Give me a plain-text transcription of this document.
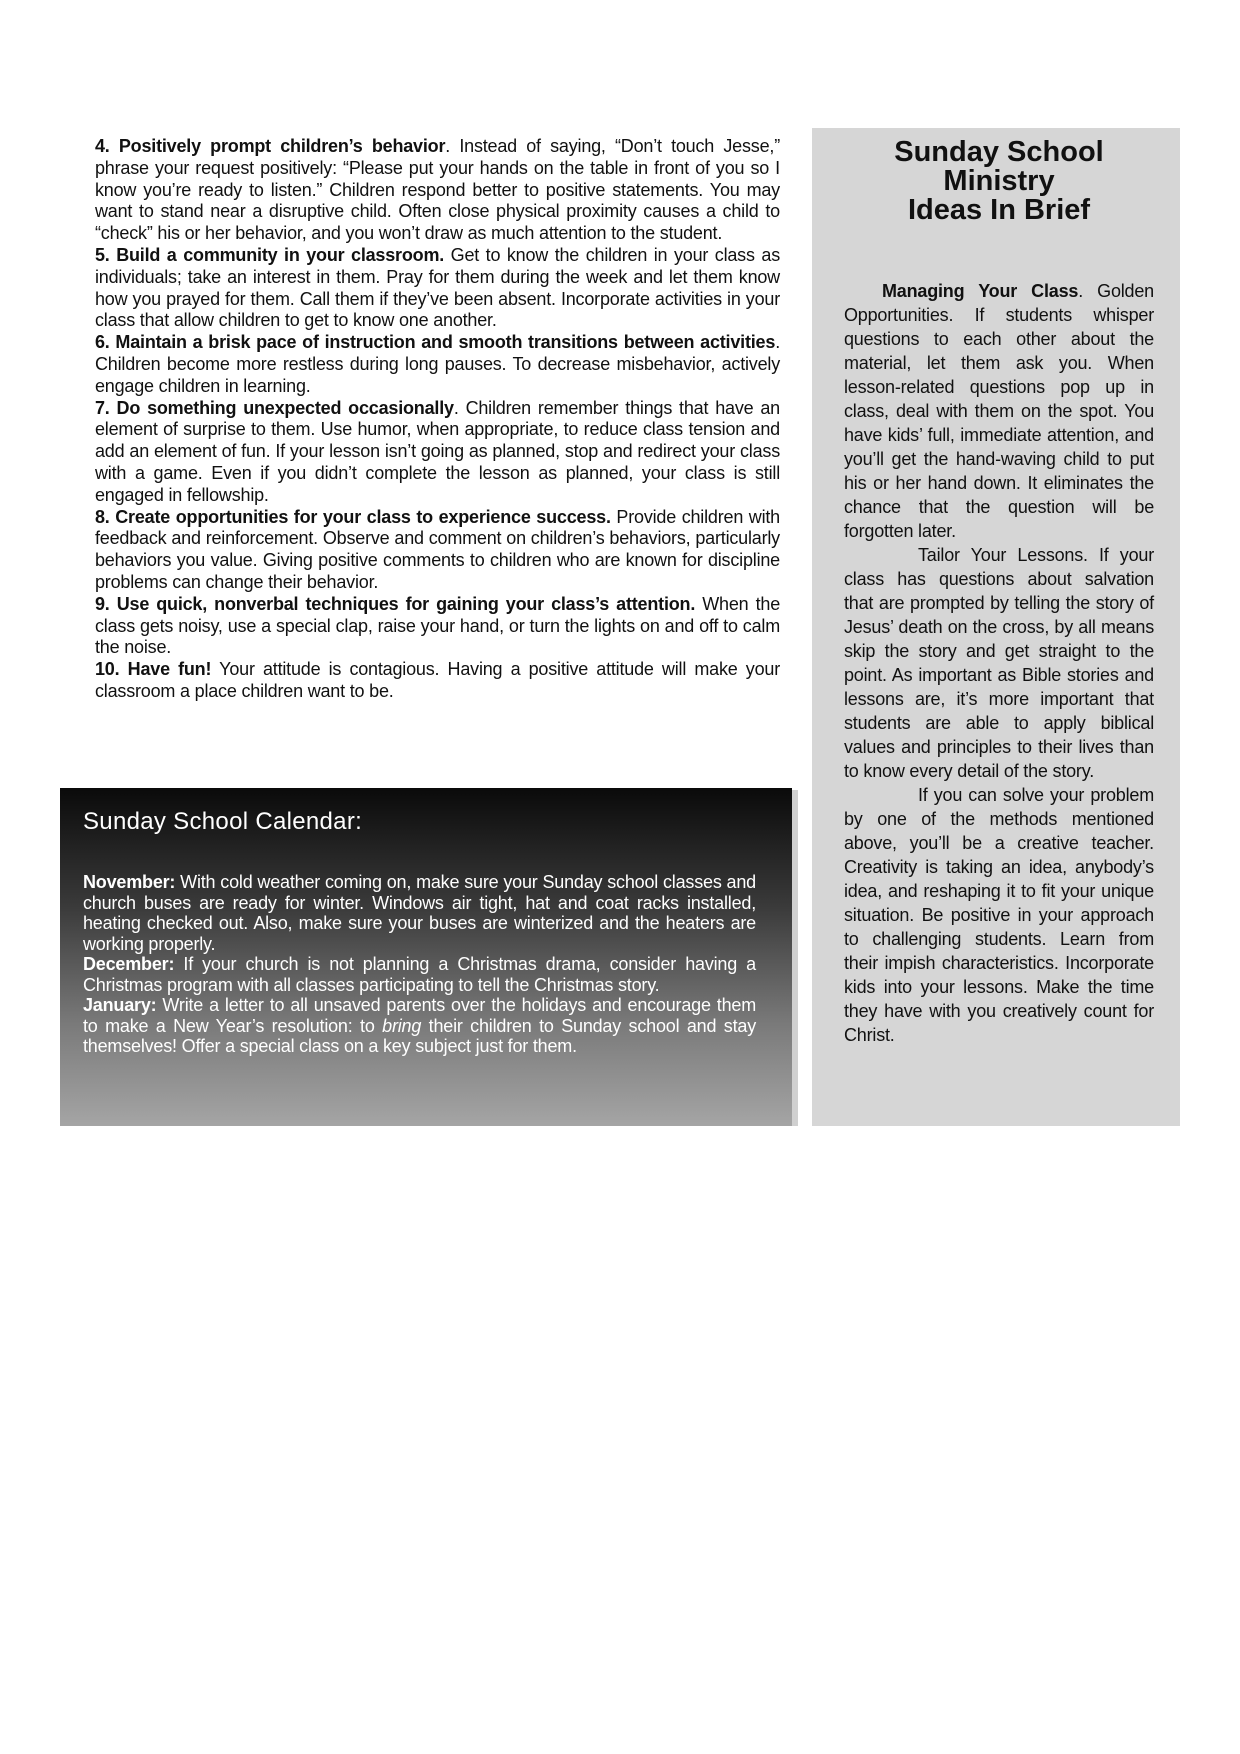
4. Positively prompt children’s behavior. Instead of saying, “Don’t touch Jesse,” phrase your request positively: “Please put your hands on the table in front of you so I know you’re ready to listen.” Children respond better to positive statements. You may want to stand near a disruptive child. Often close physical proximity causes a child to “check” his or her behavior, and you won’t draw as much attention to the student.

5. Build a community in your classroom. Get to know the children in your class as individuals; take an interest in them. Pray for them during the week and let them know how you prayed for them. Call them if they’ve been absent. Incorporate activities in your class that allow children to get to know one another.

6. Maintain a brisk pace of instruction and smooth transitions between activities. Children become more restless during long pauses. To decrease misbehavior, actively engage children in learning.

7. Do something unexpected occasionally. Children remember things that have an element of surprise to them. Use humor, when appropriate, to reduce class tension and add an element of fun. If your lesson isn’t going as planned, stop and redirect your class with a game. Even if you didn’t complete the lesson as planned, your class is still engaged in fellowship.

8. Create opportunities for your class to experience success. Provide children with feedback and reinforcement. Observe and comment on children’s behaviors, particularly behaviors you value. Giving positive comments to children who are known for discipline problems can change their behavior.

9. Use quick, nonverbal techniques for gaining your class’s attention. When the class gets noisy, use a special clap, raise your hand, or turn the lights on and off to calm the noise.

10. Have fun! Your attitude is contagious. Having a positive attitude will make your classroom a place children want to be.

Sunday School Calendar:

November: With cold weather coming on, make sure your Sunday school classes and church buses are ready for winter. Windows air tight, hat and coat racks installed, heating checked out. Also, make sure your buses are winterized and the heaters are working properly.

December: If your church is not planning a Christmas drama, consider having a Christmas program with all classes participating to tell the Christmas story.

January: Write a letter to all unsaved parents over the holidays and encourage them to make a New Year’s resolution: to bring their children to Sunday school and stay themselves! Offer a special class on a key subject just for them.

Sunday School
Ministry
Ideas In Brief

Managing Your Class. Golden Opportunities. If students whisper questions to each other about the material, let them ask you. When lesson-related questions pop up in class, deal with them on the spot. You have kids’ full, immediate attention, and you’ll get the hand-waving child to put his or her hand down. It eliminates the chance that the question will be forgotten later.

Tailor Your Lessons. If your class has questions about salvation that are prompted by telling the story of Jesus’ death on the cross, by all means skip the story and get straight to the point. As important as Bible stories and lessons are, it’s more important that students are able to apply biblical values and principles to their lives than to know every detail of the story.

If you can solve your problem by one of the methods mentioned above, you’ll be a creative teacher. Creativity is taking an idea, anybody’s idea, and reshaping it to fit your unique situation. Be positive in your approach to challenging students. Learn from their impish characteristics. Incorporate kids into your lessons. Make the time they have with you creatively count for Christ.
